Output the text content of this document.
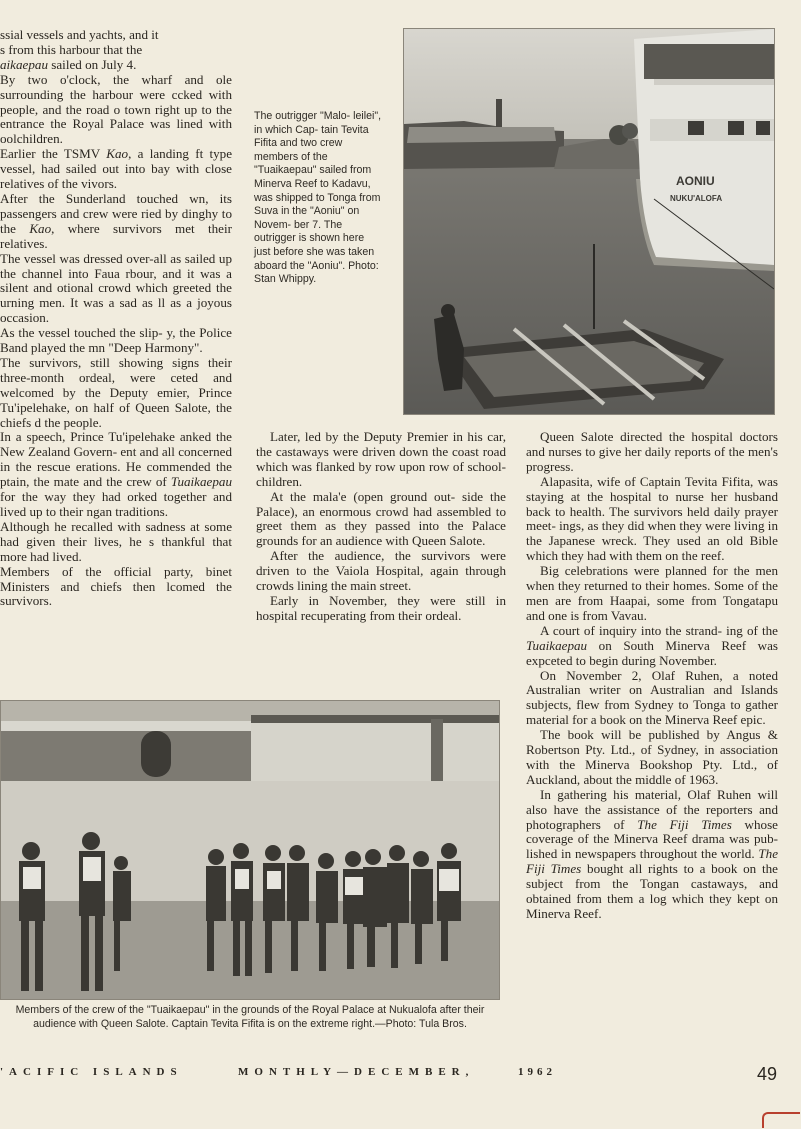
ssial vessels and yachts, and it

s from this harbour that the

aikaepau sailed on July 4.

By two o'clock, the wharf and ole surrounding the harbour were ccked with people, and the road o town right up to the entrance the Royal Palace was lined with oolchildren.

Earlier the TSMV Kao, a landing ft type vessel, had sailed out into bay with close relatives of the vivors.

After the Sunderland touched wn, its passengers and crew were ried by dinghy to the Kao, where survivors met their relatives.

The vessel was dressed over-all as sailed up the channel into Faua rbour, and it was a silent and otional crowd which greeted the urning men. It was a sad as ll as a joyous occasion.

As the vessel touched the slip- y, the Police Band played the mn "Deep Harmony".

The survivors, still showing signs their three-month ordeal, were ceted and welcomed by the Deputy emier, Prince Tu'ipelehake, on half of Queen Salote, the chiefs d the people.

In a speech, Prince Tu'ipelehake anked the New Zealand Govern- ent and all concerned in the rescue erations. He commended the ptain, the mate and the crew of Tuaikaepau for the way they had orked together and lived up to their ngan traditions.

Although he recalled with sadness at some had given their lives, he s thankful that more had lived.

Members of the official party, binet Ministers and chiefs then lcomed the survivors.

AONIU
NUKU'ALOFA
The outrigger "Malo- leilei", in which Cap- tain Tevita Fifita and two crew members of the "Tuaikaepau" sailed from Minerva Reef to Kadavu, was shipped to Tonga from Suva in the "Aoniu" on Novem- ber 7. The outrigger is shown here just before she was taken aboard the "Aoniu". Photo: Stan Whippy.

Later, led by the Deputy Premier in his car, the castaways were driven down the coast road which was flanked by row upon row of school- children.

At the mala'e (open ground out- side the Palace), an enormous crowd had assembled to greet them as they passed into the Palace grounds for an audience with Queen Salote.

After the audience, the survivors were driven to the Vaiola Hospital, again through crowds lining the main street.

Early in November, they were still in hospital recuperating from their ordeal.

Queen Salote directed the hospital doctors and nurses to give her daily reports of the men's progress.

Alapasita, wife of Captain Tevita Fifita, was staying at the hospital to nurse her husband back to health. The survivors held daily prayer meet- ings, as they did when they were living in the Japanese wreck. They used an old Bible which they had with them on the reef.

Big celebrations were planned for the men when they returned to their homes. Some of the men are from Haapai, some from Tongatapu and one is from Vavau.

A court of inquiry into the strand- ing of the Tuaikaepau on South Minerva Reef was expceted to begin during November.

On November 2, Olaf Ruhen, a noted Australian writer on Australian and Islands subjects, flew from Sydney to Tonga to gather material for a book on the Minerva Reef epic.

The book will be published by Angus & Robertson Pty. Ltd., of Sydney, in association with the Minerva Bookshop Pty. Ltd., of Auckland, about the middle of 1963.

In gathering his material, Olaf Ruhen will also have the assistance of the reporters and photographers of The Fiji Times whose coverage of the Minerva Reef drama was pub- lished in newspapers throughout the world. The Fiji Times bought all rights to a book on the subject from the Tongan castaways, and obtained from them a log which they kept on Minerva Reef.

Members of the crew of the "Tuaikaepau" in the grounds of the Royal Palace at Nukualofa after their audience with Queen Salote. Captain Tevita Fifita is on the extreme right.—Photo: Tula Bros.
'ACIFIC ISLANDS	MONTHLY—DECEMBER,	1962	49
